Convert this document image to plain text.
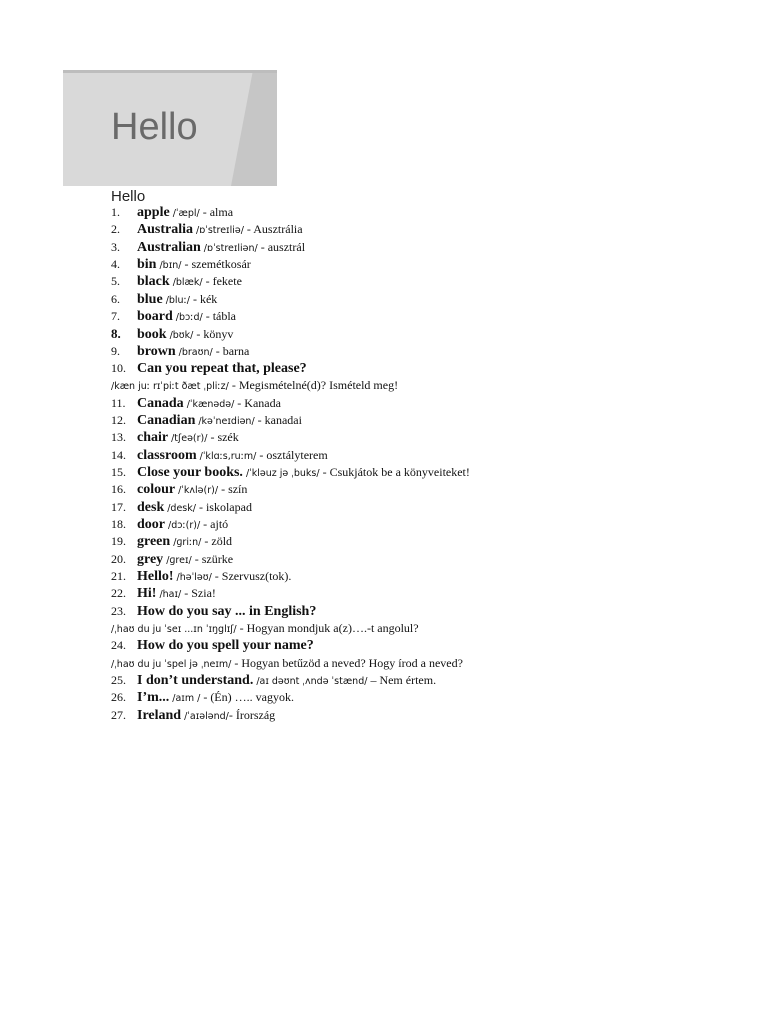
Hello
Hello
1. apple /ˈæpl/ - alma
2. Australia /ɒˈstreɪliə/ - Ausztrália
3. Australian /ɒˈstreɪliən/ - ausztrál
4. bin /bɪn/ - szemétkosár
5. black /blæk/ - fekete
6. blue /bluː/ - kék
7. board /bɔːd/ - tábla
8. book /bʊk/ - könyv
9. brown /braʊn/ - barna
10. Can you repeat that, please?
/kæn juː rɪˈpiːt ðæt ˌpliːz/ - Megismételné(d)? Ismételd meg!
11. Canada /ˈkænədə/ - Kanada
12. Canadian /kəˈneɪdiən/ - kanadai
13. chair /tʃeə(r)/ - szék
14. classroom /ˈklɑːs,ruːm/ - osztályterem
15. Close your books. /ˈkləuz jə ˌbuks/ - Csukjátok be a könyveiteket!
16. colour /ˈkʌlə(r)/ - szín
17. desk /desk/ - iskolapad
18. door /dɔː(r)/ - ajtó
19. green /ɡriːn/ - zöld
20. grey /ɡreɪ/ - szürke
21. Hello! /həˈləʊ/ - Szervusz(tok).
22. Hi! /haɪ/ - Szia!
23. How do you say ... in English?
/ˌhaʊ du ju ˈseɪ ...ɪn ˈɪŋglɪʃ/ - Hogyan mondjuk a(z)….-t angolul?
24. How do you spell your name?
/ˌhaʊ du ju ˈspel jə ˌneɪm/ - Hogyan betűzöd a neved? Hogy írod a neved?
25. I don’t understand. /aɪ dəʊnt ˌʌndə ˈstænd/ – Nem értem.
26. I’m... /aɪm / - (Én) ….. vagyok.
27. Ireland /ˈaɪələnd/- Írország
